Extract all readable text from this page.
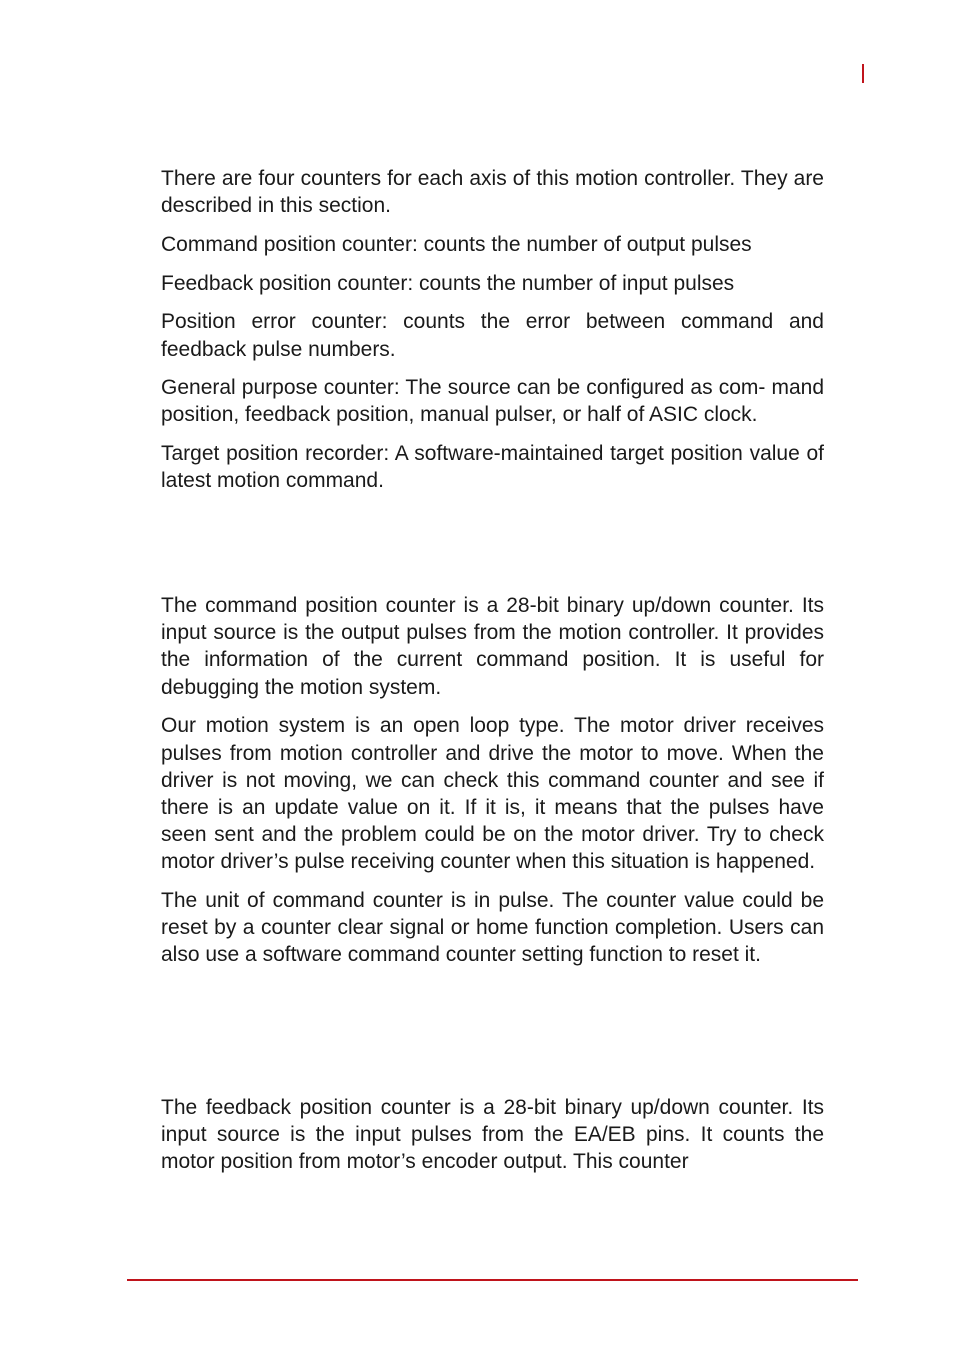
There are four counters for each axis of this motion controller. They are described in this section.

Command position counter: counts the number of output pulses

Feedback position counter: counts the number of input pulses

Position error counter: counts the error between command and feedback pulse numbers.

General purpose counter: The source can be configured as com- mand position, feedback position, manual pulser, or half of ASIC clock.

Target position recorder: A software-maintained target position value of latest motion command.

The command position counter is a 28-bit binary up/down counter. Its input source is the output pulses from the motion controller. It provides the information of the current command position. It is useful for debugging the motion system.

Our motion system is an open loop type. The motor driver receives pulses from motion controller and drive the motor to move. When the driver is not moving, we can check this command counter and see if there is an update value on it. If it is, it means that the pulses have seen sent and the problem could be on the motor driver. Try to check motor driver’s pulse receiving counter when this situation is happened.

The unit of command counter is in pulse. The counter value could be reset by a counter clear signal or home function completion. Users can also use a software command counter setting function to reset it.

The feedback position counter is a 28-bit binary up/down counter. Its input source is the input pulses from the EA/EB pins. It counts the motor position from motor’s encoder output. This counter
